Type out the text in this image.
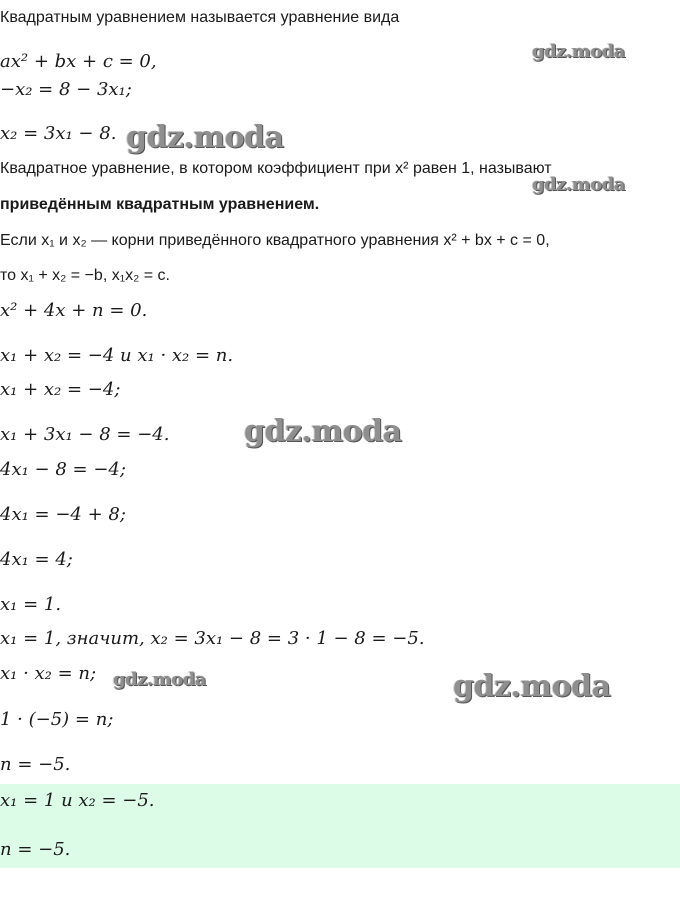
Квадратным уравнением называется уравнение вида
ax² + bx + c = 0,
−x₂ = 8 − 3x₁;
x₂ = 3x₁ − 8.
Квадратное уравнение, в котором коэффициент при x² равен 1, называют
приведённым квадратным уравнением.
Если x₁ и x₂ — корни приведённого квадратного уравнения x² + bx + c = 0,
то x₁ + x₂ = −b, x₁x₂ = c.
x² + 4x + n = 0.
x₁ + x₂ = −4 и x₁ · x₂ = n.
x₁ + x₂ = −4;
x₁ + 3x₁ − 8 = −4.
4x₁ − 8 = −4;
4x₁ = −4 + 8;
4x₁ = 4;
x₁ = 1.
x₁ = 1, значит, x₂ = 3x₁ − 8 = 3 · 1 − 8 = −5.
x₁ · x₂ = n;
1 · (−5) = n;
n = −5.
x₁ = 1 и x₂ = −5.
n = −5.
gdz.moda
gdz.moda
gdz.moda
gdz.moda
gdz.moda	gdz.moda
